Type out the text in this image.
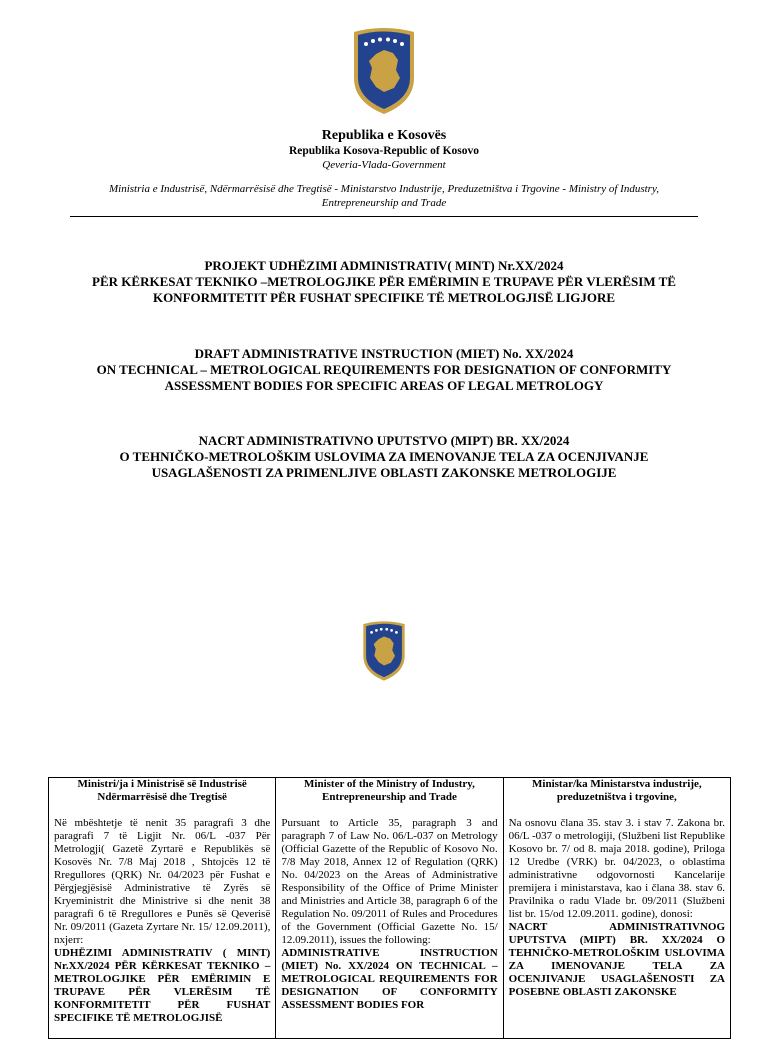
Republika e Kosovës
Republika Kosova-Republic of Kosovo
Qeveria-Vlada-Government
Ministria e Industrisë, Ndërmarrësisë dhe Tregtisë - Ministarstvo Industrije, Preduzetništva i Trgovine - Ministry of Industry, Entrepreneurship and Trade
PROJEKT UDHËZIMI ADMINISTRATIV( MINT) Nr.XX/2024
PËR KËRKESAT TEKNIKO –METROLOGJIKE PËR EMËRIMIN E TRUPAVE PËR VLERËSIM TË
KONFORMITETIT PËR FUSHAT SPECIFIKE TË METROLOGJISË LIGJORE
DRAFT ADMINISTRATIVE INSTRUCTION (MIET) No. XX/2024
ON TECHNICAL – METROLOGICAL REQUIREMENTS FOR DESIGNATION OF CONFORMITY
ASSESSMENT BODIES FOR SPECIFIC AREAS OF LEGAL METROLOGY
NACRT ADMINISTRATIVNO UPUTSTVO (MIPT) BR. XX/2024
O TEHNIČKO-METROLOŠKIM USLOVIMA ZA IMENOVANJE TELA ZA OCENJIVANJE
USAGLAŠENOSTI ZA PRIMENLJIVE OBLASTI ZAKONSKE METROLOGIJE

Ministri/ja i Ministrisë së Industrisë Ndërmarrësisë dhe Tregtisë

Në mbështetje të nenit 35 paragrafi 3 dhe paragrafi 7 të Ligjit Nr. 06/L -037 Për Metrologji( Gazetë Zyrtarë e Republikës së Kosovës Nr. 7/8 Maj 2018 , Shtojcës 12 të Rregullores (QRK) Nr. 04/2023 për Fushat e Përgjegjësisë Administrative të Zyrës së Kryeministrit dhe Ministrive si dhe nenit 38 paragrafi 6 të Rregullores e Punës së Qeverisë Nr. 09/2011 (Gazeta Zyrtare Nr. 15/ 12.09.2011), nxjerr:

UDHËZIMI ADMINISTRATIV ( MINT) Nr.XX/2024 PËR KËRKESAT TEKNIKO –METROLOGJIKE PËR EMËRIMIN E TRUPAVE PËR VLERËSIM TË KONFORMITETIT PËR FUSHAT SPECIFIKE TË METROLOGJISË

Minister of the Ministry of Industry, Entrepreneurship and Trade

Pursuant to Article 35, paragraph 3 and paragraph 7 of Law No. 06/L-037 on Metrology (Official Gazette of the Republic of Kosovo No. 7/8 May 2018, Annex 12 of Regulation (QRK) No. 04/2023 on the Areas of Administrative Responsibility of the Office of Prime Minister and Ministries and Article 38, paragraph 6 of the Regulation No. 09/2011 of Rules and Procedures of the Government (Official Gazette No. 15/ 12.09.2011), issues the following:

ADMINISTRATIVE INSTRUCTION (MIET) No. XX/2024 ON TECHNICAL – METROLOGICAL REQUIREMENTS FOR DESIGNATION OF CONFORMITY ASSESSMENT BODIES FOR

Ministar/ka Ministarstva industrije, preduzetništva i trgovine,

Na osnovu člana 35. stav 3. i stav 7. Zakona br. 06/L -037 o metrologiji, (Službeni list Republike Kosovo br. 7/ od 8. maja 2018. godine), Priloga 12 Uredbe (VRK) br. 04/2023, o oblastima administrativne odgovornosti Kancelarije premijera i ministarstava, kao i člana 38. stav 6. Pravilnika o radu Vlade br. 09/2011 (Službeni list br. 15/od 12.09.2011. godine), donosi:

NACRT ADMINISTRATIVNOG UPUTSTVA (MIPT) BR. XX/2024 O TEHNIČKO-METROLOŠKIM USLOVIMA ZA IMENOVANJE TELA ZA OCENJIVANJE USAGLAŠENOSTI ZA POSEBNE OBLASTI ZAKONSKE
